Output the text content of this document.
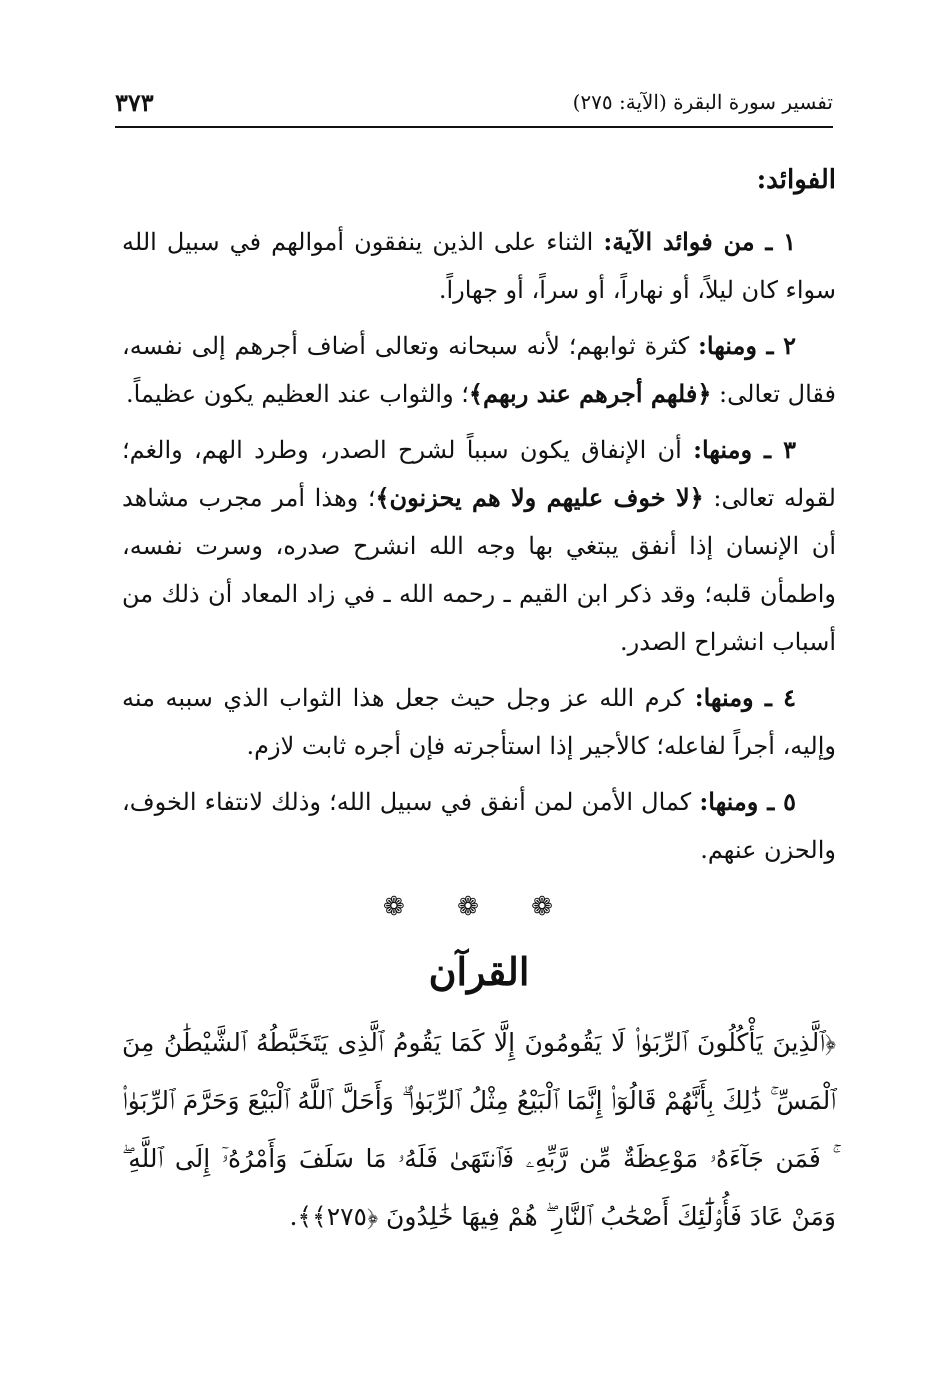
تفسير سورة البقرة (الآية: ٢٧٥)
٣٧٣
الفوائد:

١ ـ من فوائد الآية: الثناء على الذين ينفقون أموالهم في سبيل الله سواء كان ليلاً، أو نهاراً، أو سراً، أو جهاراً.

٢ ـ ومنها: كثرة ثوابهم؛ لأنه سبحانه وتعالى أضاف أجرهم إلى نفسه، فقال تعالى: ﴿فلهم أجرهم عند ربهم﴾؛ والثواب عند العظيم يكون عظيماً.

٣ ـ ومنها: أن الإنفاق يكون سبباً لشرح الصدر، وطرد الهم، والغم؛ لقوله تعالى: ﴿لا خوف عليهم ولا هم يحزنون﴾؛ وهذا أمر مجرب مشاهد أن الإنسان إذا أنفق يبتغي بها وجه الله انشرح صدره، وسرت نفسه، واطمأن قلبه؛ وقد ذكر ابن القيم ـ رحمه الله ـ في زاد المعاد أن ذلك من أسباب انشراح الصدر.

٤ ـ ومنها: كرم الله عز وجل حيث جعل هذا الثواب الذي سببه منه وإليه، أجراً لفاعله؛ كالأجير إذا استأجرته فإن أجره ثابت لازم.

٥ ـ ومنها: كمال الأمن لمن أنفق في سبيل الله؛ وذلك لانتفاء الخوف، والحزن عنهم.

❁ ❁ ❁
القرآن
﴿ٱلَّذِينَ يَأْكُلُونَ ٱلرِّبَوٰا۟ لَا يَقُومُونَ إِلَّا كَمَا يَقُومُ ٱلَّذِى يَتَخَبَّطُهُ ٱلشَّيْطَٰنُ مِنَ ٱلْمَسِّ ۚ ذَٰلِكَ بِأَنَّهُمْ قَالُوٓا۟ إِنَّمَا ٱلْبَيْعُ مِثْلُ ٱلرِّبَوٰا۟ ۗ وَأَحَلَّ ٱللَّهُ ٱلْبَيْعَ وَحَرَّمَ ٱلرِّبَوٰا۟ ۚ فَمَن جَآءَهُۥ مَوْعِظَةٌ مِّن رَّبِّهِۦ فَٱنتَهَىٰ فَلَهُۥ مَا سَلَفَ وَأَمْرُهُۥٓ إِلَى ٱللَّهِ ۖ وَمَنْ عَادَ فَأُو۟لَٰٓئِكَ أَصْحَٰبُ ٱلنَّارِ ۖ هُمْ فِيهَا خَٰلِدُونَ ﴿٢٧٥﴾﴾.
